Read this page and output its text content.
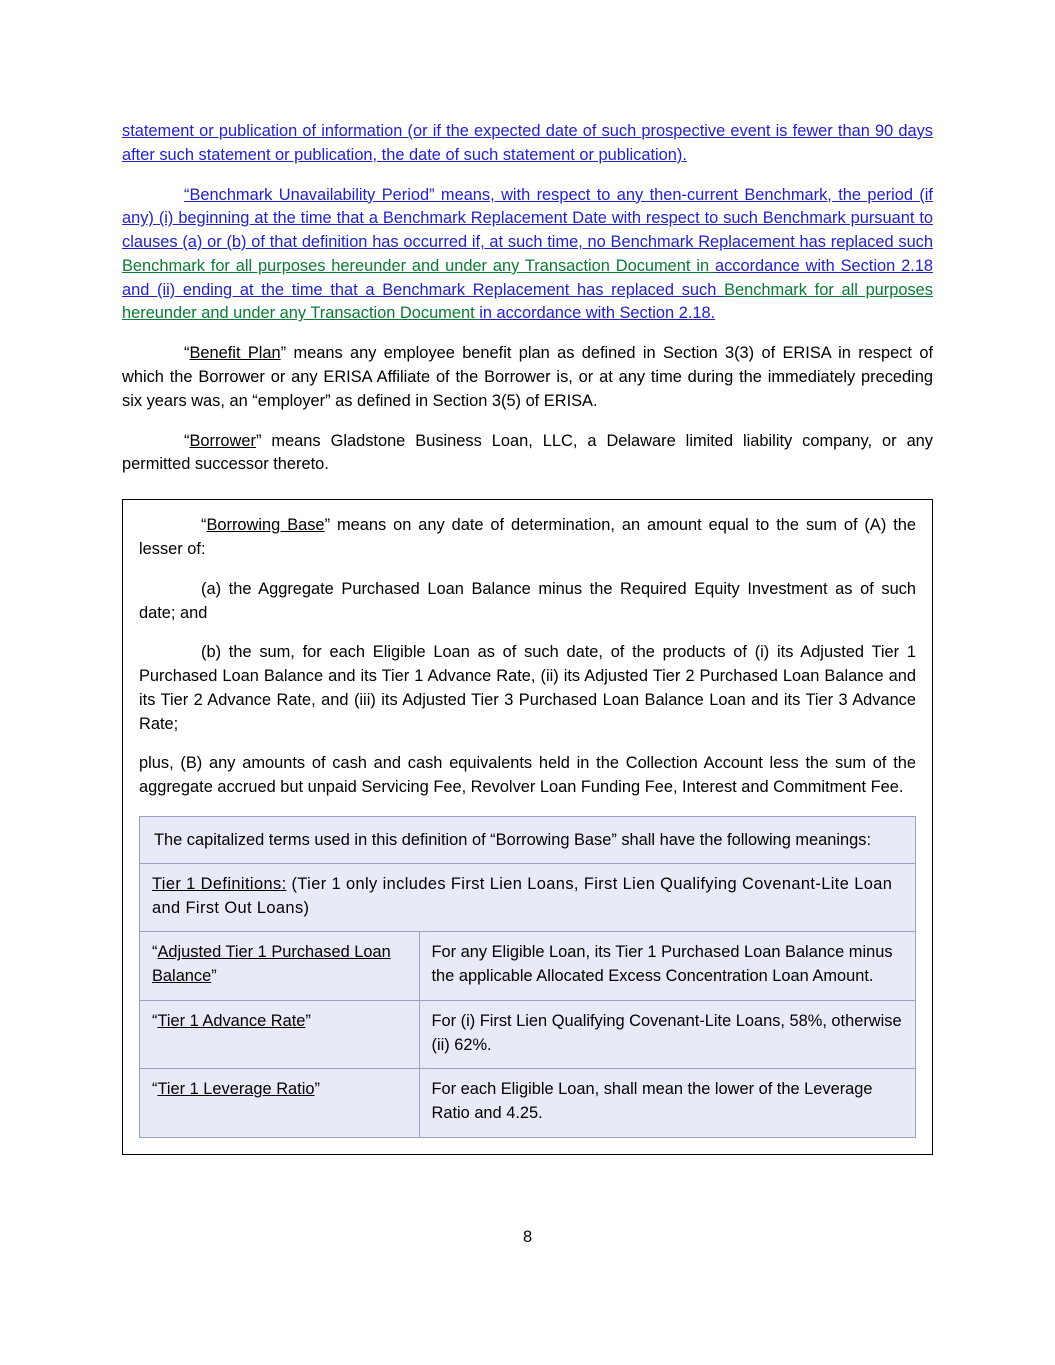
statement or publication of information (or if the expected date of such prospective event is fewer than 90 days after such statement or publication, the date of such statement or publication).

“Benchmark Unavailability Period” means, with respect to any then-current Benchmark, the period (if any) (i) beginning at the time that a Benchmark Replacement Date with respect to such Benchmark pursuant to clauses (a) or (b) of that definition has occurred if, at such time, no Benchmark Replacement has replaced such Benchmark for all purposes hereunder and under any Transaction Document in accordance with Section 2.18 and (ii) ending at the time that a Benchmark Replacement has replaced such Benchmark for all purposes hereunder and under any Transaction Document in accordance with Section 2.18.

“Benefit Plan” means any employee benefit plan as defined in Section 3(3) of ERISA in respect of which the Borrower or any ERISA Affiliate of the Borrower is, or at any time during the immediately preceding six years was, an “employer” as defined in Section 3(5) of ERISA.

“Borrower” means Gladstone Business Loan, LLC, a Delaware limited liability company, or any permitted successor thereto.

“Borrowing Base” means on any date of determination, an amount equal to the sum of (A) the lesser of:

(a) the Aggregate Purchased Loan Balance minus the Required Equity Investment as of such date; and

(b) the sum, for each Eligible Loan as of such date, of the products of (i) its Adjusted Tier 1 Purchased Loan Balance and its Tier 1 Advance Rate, (ii) its Adjusted Tier 2 Purchased Loan Balance and its Tier 2 Advance Rate, and (iii) its Adjusted Tier 3 Purchased Loan Balance Loan and its Tier 3 Advance Rate;

plus, (B) any amounts of cash and cash equivalents held in the Collection Account less the sum of the aggregate accrued but unpaid Servicing Fee, Revolver Loan Funding Fee, Interest and Commitment Fee.

The capitalized terms used in this definition of “Borrowing Base” shall have the following meanings:

Tier 1 Definitions: (Tier 1 only includes First Lien Loans, First Lien Qualifying Covenant-Lite Loan and First Out Loans)	
“Adjusted Tier 1 Purchased Loan Balance”	For any Eligible Loan, its Tier 1 Purchased Loan Balance minus the applicable Allocated Excess Concentration Loan Amount.
“Tier 1 Advance Rate”	For (i) First Lien Qualifying Covenant-Lite Loans, 58%, otherwise (ii) 62%.
“Tier 1 Leverage Ratio”	For each Eligible Loan, shall mean the lower of the Leverage Ratio and 4.25.
8
